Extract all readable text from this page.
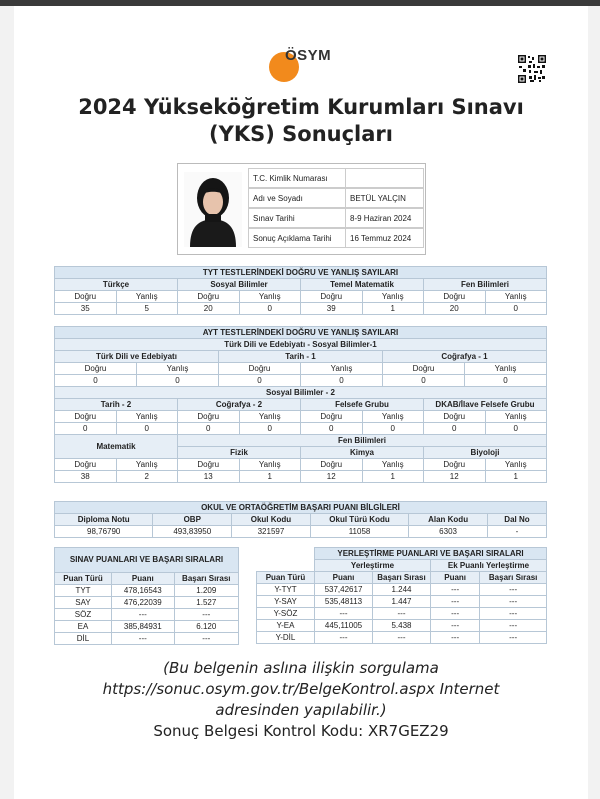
ÖSYM
2024 Yükseköğretim Kurumları Sınavı
(YKS) Sonuçları
T.C. Kimlik Numarası
Adı ve Soyadı	BETÜL YALÇIN
Sınav Tarihi	8-9 Haziran 2024
Sonuç Açıklama Tarihi	16 Temmuz 2024
TYT TESTLERİNDEKİ DOĞRU VE YANLIŞ SAYILARI							
Türkçe		Sosyal Bilimler		Temel Matematik		Fen Bilimleri	
Doğru	Yanlış	Doğru	Yanlış	Doğru	Yanlış	Doğru	Yanlış
35	5	20	0	39	1	20	0
AYT TESTLERİNDEKİ DOĞRU VE YANLIŞ SAYILARI											
Türk Dili ve Edebiyatı - Sosyal Bilimler-1											
Türk Dili ve Edebiyatı				Tarih - 1				Coğrafya - 1			
Doğru		Yanlış		Doğru		Yanlış		Doğru		Yanlış	
0		0		0		0		0		0	
Sosyal Bilimler - 2											
Tarih - 2			Coğrafya - 2			Felsefe Grubu			DKAB/İlave Felsefe Grubu		
Doğru	Yanlış		Doğru		Yanlış	Doğru	Yanlış		Doğru		Yanlış
0	0		0		0	0	0		0		0
Matematik			Fen Bilimleri								
			Fizik			Kimya			Biyoloji		
Doğru	Yanlış		Doğru		Yanlış	Doğru	Yanlış		Doğru		Yanlış
38	2		13		1	12	1		12		1
OKUL VE ORTAÖĞRETİM BAŞARI PUANI BİLGİLERİ					
Diploma Notu	OBP	Okul Kodu	Okul Türü Kodu	Alan Kodu	Dal No
98,76790	493,83950	321597	11058	6303	-
SINAV PUANLARI VE BAŞARI SIRALARI		
Puan Türü	Puanı	Başarı Sırası
TYT	478,16543	1.209
SAY	476,22039	1.527
SÖZ	---	---
EA	385,84931	6.120
DİL	---	---
	YERLEŞTİRME PUANLARI VE BAŞARI SIRALARI			
	Yerleştirme		Ek Puanlı Yerleştirme	
Puan Türü	Puanı	Başarı Sırası	Puanı	Başarı Sırası
Y-TYT	537,42617	1.244	---	---
Y-SAY	535,48113	1.447	---	---
Y-SÖZ	---	---	---	---
Y-EA	445,11005	5.438	---	---
Y-DİL	---	---	---	---
(Bu belgenin aslına ilişkin sorgulama
https://sonuc.osym.gov.tr/BelgeKontrol.aspx Internet
adresinden yapılabilir.)
Sonuç Belgesi Kontrol Kodu: XR7GEZ29
